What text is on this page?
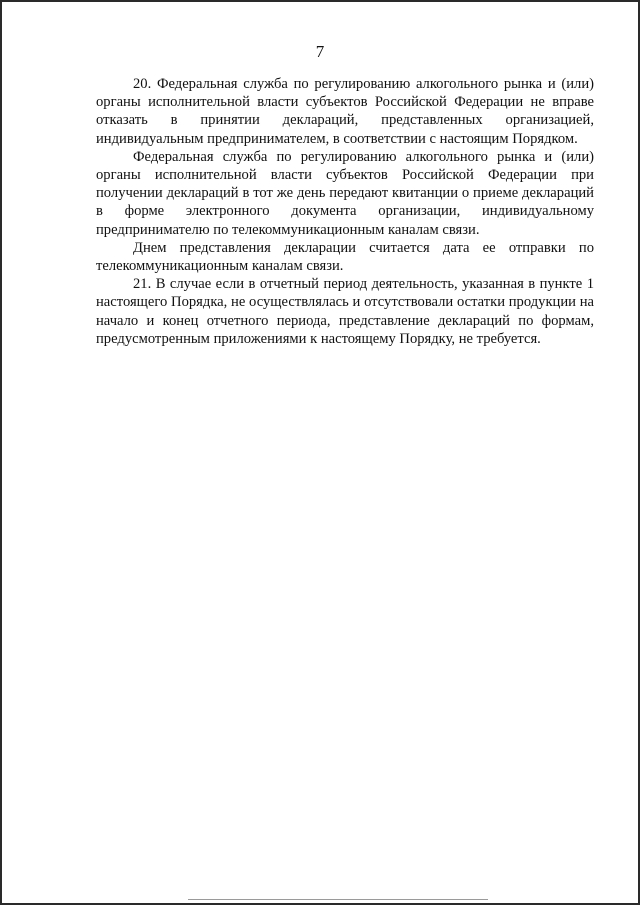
7

20. Федеральная служба по регулированию алкогольного рынка и (или) органы исполнительной власти субъектов Российской Федерации не вправе отказать в принятии деклараций, представленных организацией, индивидуальным предпринимателем, в соответствии с настоящим Порядком.

Федеральная служба по регулированию алкогольного рынка и (или) органы исполнительной власти субъектов Российской Федерации при получении деклараций в тот же день передают квитанции о приеме деклараций в форме электронного документа организации, индивидуальному предпринимателю по телекоммуникационным каналам связи.

Днем представления декларации считается дата ее отправки по телекоммуникационным каналам связи.

21. В случае если в отчетный период деятельность, указанная в пункте 1 настоящего Порядка, не осуществлялась и отсутствовали остатки продукции на начало и конец отчетного периода, представление деклараций по формам, предусмотренным приложениями к настоящему Порядку, не требуется.
